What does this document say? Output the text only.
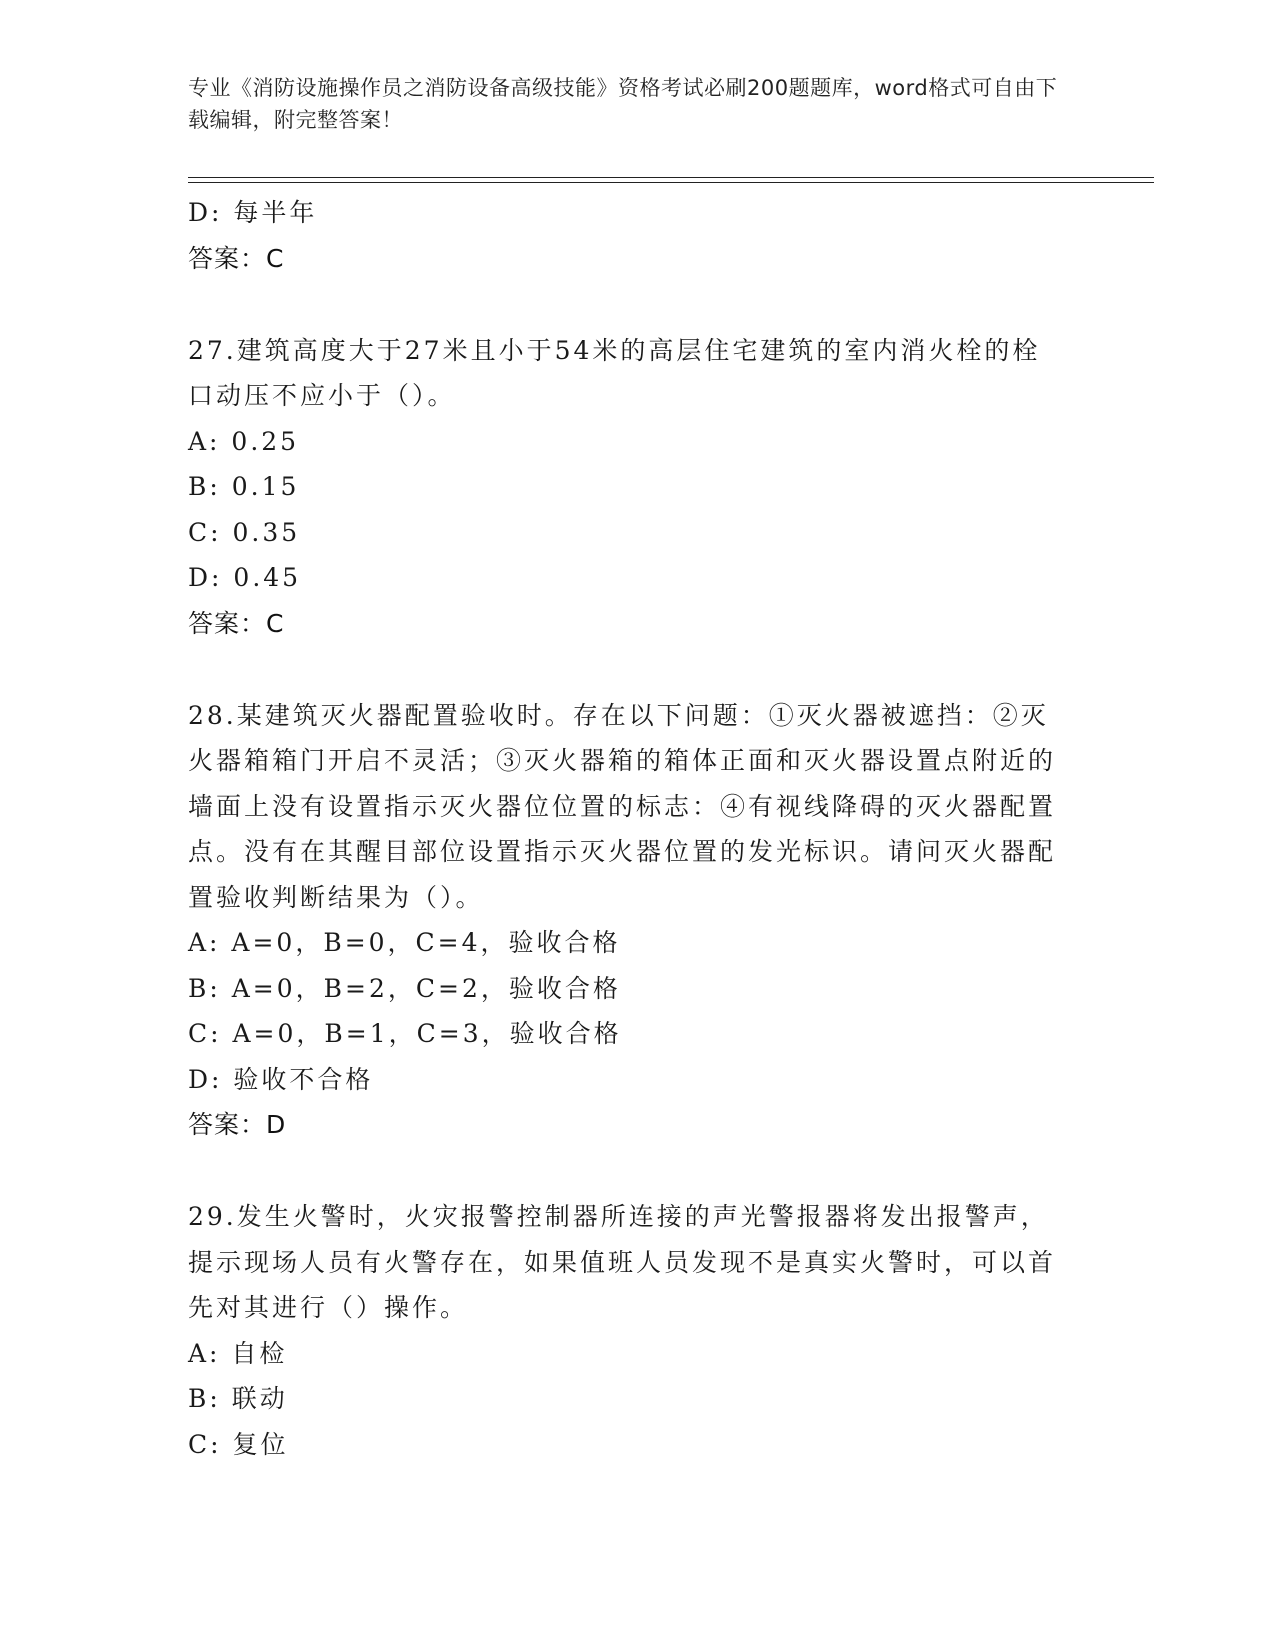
专业《消防设施操作员之消防设备高级技能》资格考试必刷200题题库，word格式可自由下载编辑，附完整答案！
D: 每半年
答案：C
27.建筑高度大于27米且小于54米的高层住宅建筑的室内消火栓的栓口动压不应小于（）。
A: 0.25
B: 0.15
C: 0.35
D: 0.45
答案：C
28.某建筑灭火器配置验收时。存在以下问题：①灭火器被遮挡：②灭火器箱箱门开启不灵活；③灭火器箱的箱体正面和灭火器设置点附近的墙面上没有设置指示灭火器位位置的标志：④有视线降碍的灭火器配置点。没有在其醒目部位设置指示灭火器位置的发光标识。请问灭火器配置验收判断结果为（）。
A: A=0，B=0，C=4，验收合格
B: A=0，B=2，C=2，验收合格
C: A=0，B=1，C=3，验收合格
D: 验收不合格
答案：D
29.发生火警时，火灾报警控制器所连接的声光警报器将发出报警声，提示现场人员有火警存在，如果值班人员发现不是真实火警时，可以首先对其进行（）操作。
A: 自检
B: 联动
C: 复位
